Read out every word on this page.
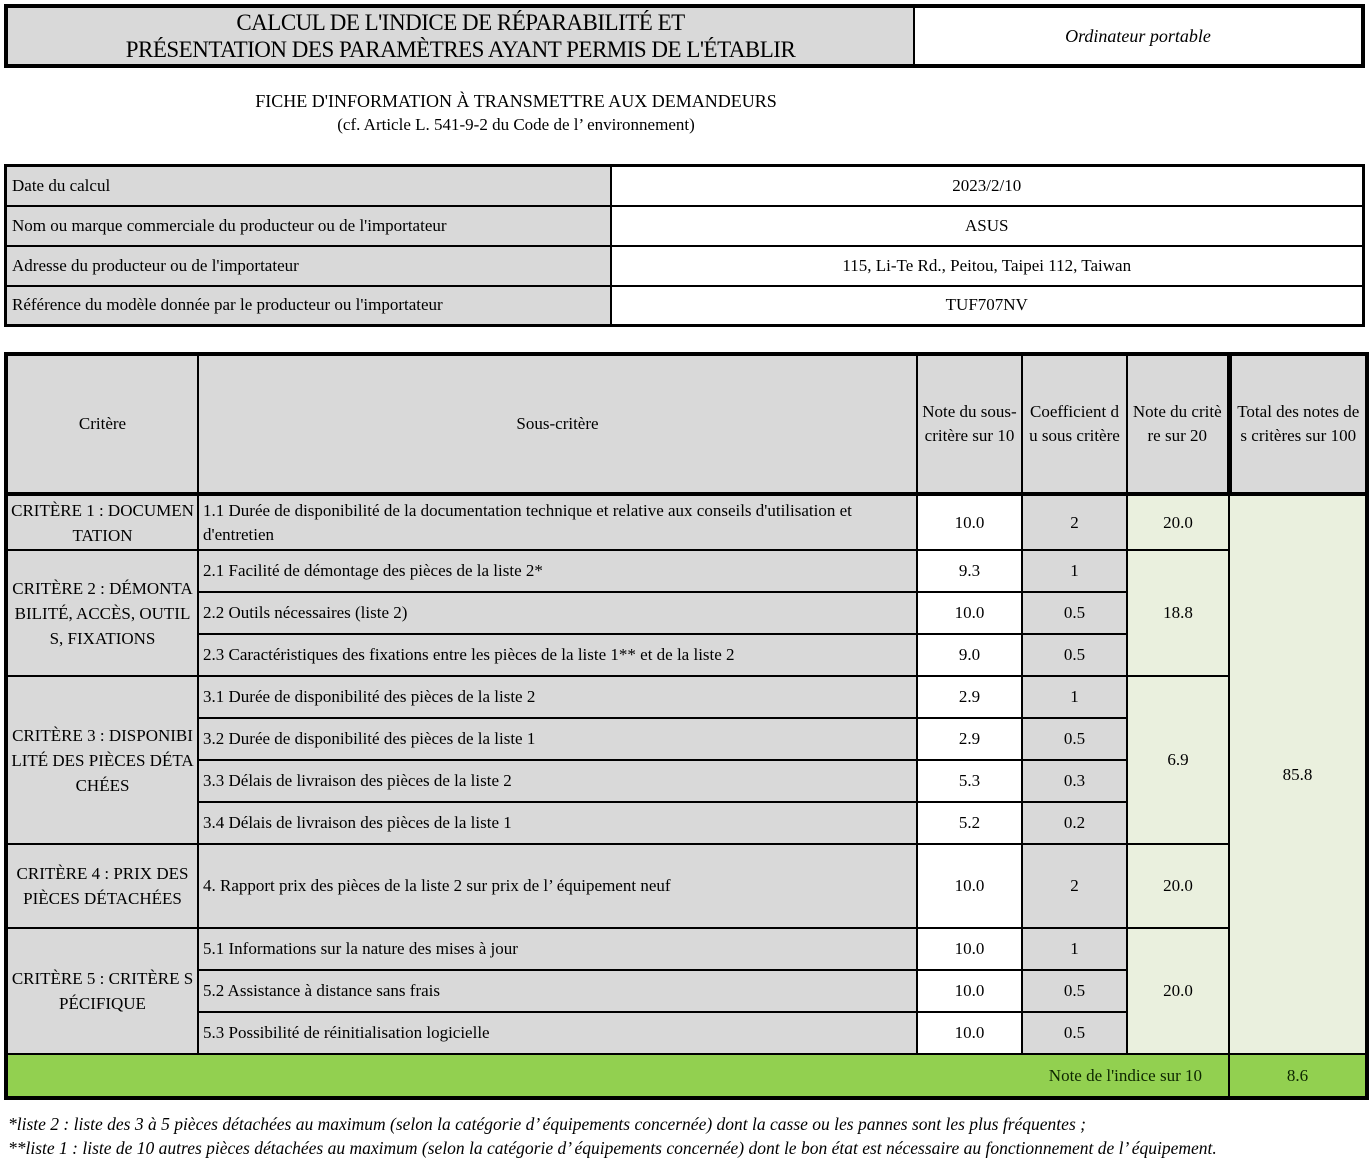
CALCUL DE L'INDICE DE RÉPARABILITÉ ET
PRÉSENTATION DES PARAMÈTRES AYANT PERMIS DE L'ÉTABLIR
	Ordinateur portable
FICHE D'INFORMATION À TRANSMETTRE AUX DEMANDEURS
(cf. Article L. 541-9-2 du Code de l’ environnement)
Date du calcul	2023/2/10
Nom ou marque commerciale du producteur ou de l'importateur	ASUS
Adresse du producteur ou de l'importateur	115, Li-Te Rd., Peitou, Taipei 112, Taiwan
Référence du modèle donnée par le producteur ou l'importateur	TUF707NV
Critère	Sous-critère	Note du sous-critère sur 10	Coefficient du sous critère	Note du critère sur 20	Total des notes des critères sur 100
CRITÈRE 1 : DOCUMENTATION	1.1 Durée de disponibilité de la documentation technique et relative aux conseils d'utilisation et d'entretien	10.0	2	20.0	85.8
CRITÈRE 2 : DÉMONTABILITÉ, ACCÈS, OUTILS, FIXATIONS	2.1 Facilité de démontage des pièces de la liste 2*	9.3	1	18.8	
	2.2 Outils nécessaires (liste 2)	10.0	0.5		
	2.3 Caractéristiques des fixations entre les pièces de la liste 1** et de la liste 2	9.0	0.5		
CRITÈRE 3 : DISPONIBILITÉ DES PIÈCES DÉTACHÉES	3.1 Durée de disponibilité des pièces de la liste 2	2.9	1	6.9	
	3.2 Durée de disponibilité des pièces de la liste 1	2.9	0.5		
	3.3 Délais de livraison des pièces de la liste 2	5.3	0.3		
	3.4 Délais de livraison des pièces de la liste 1	5.2	0.2		
CRITÈRE 4 : PRIX DES PIÈCES DÉTACHÉES	4. Rapport prix des pièces de la liste 2 sur prix de l’ équipement neuf	10.0	2	20.0	
CRITÈRE 5 : CRITÈRE SPÉCIFIQUE	5.1 Informations sur la nature des mises à jour	10.0	1	20.0	
	5.2 Assistance à distance sans frais	10.0	0.5		
	5.3 Possibilité de réinitialisation logicielle	10.0	0.5		
Note de l'indice sur 10					8.6
*liste 2 : liste des 3 à 5 pièces détachées au maximum (selon la catégorie d’ équipements concernée) dont la casse ou les pannes sont les plus fréquentes ;
**liste 1 : liste de 10 autres pièces détachées au maximum (selon la catégorie d’ équipements concernée) dont le bon état est nécessaire au fonctionnement de l’ équipement.
